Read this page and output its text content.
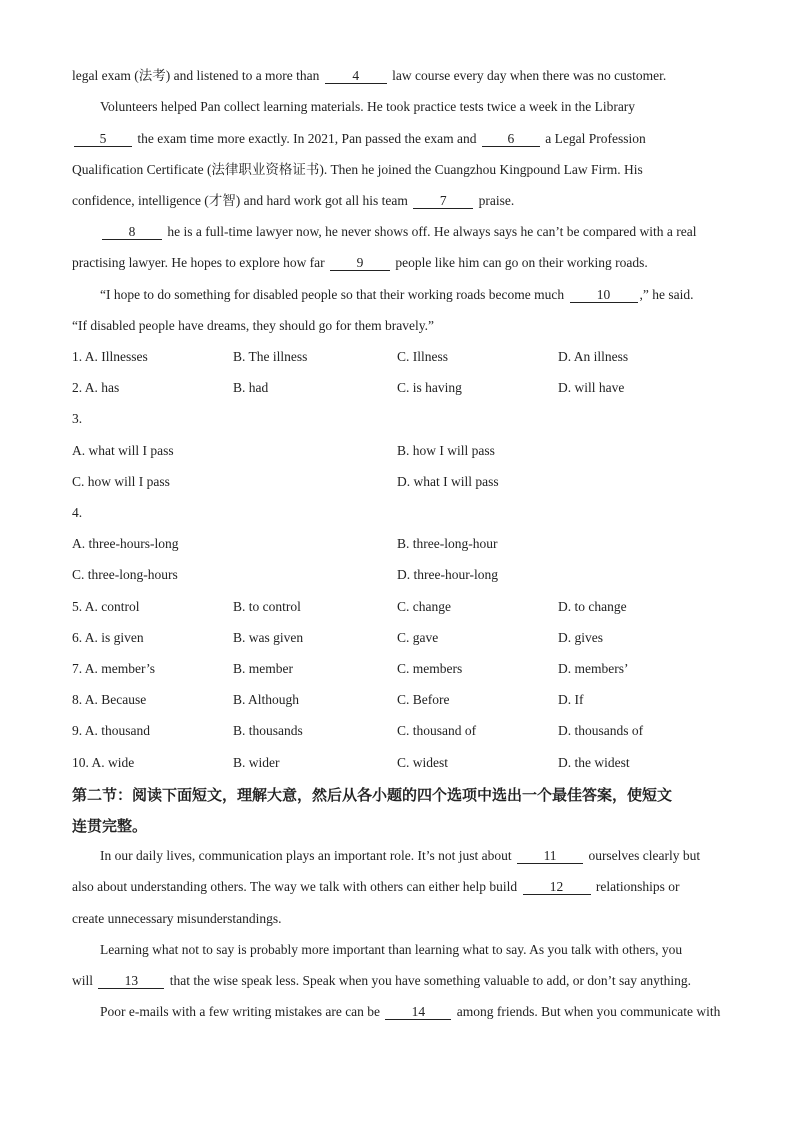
legal exam (法考) and listened to a more than 4 law course every day when there was no customer.
Volunteers helped Pan collect learning materials. He took practice tests twice a week in the Library
5 the exam time more exactly. In 2021, Pan passed the exam and 6 a Legal Profession
Qualification Certificate (法律职业资格证书). Then he joined the Cuangzhou Kingpound Law Firm. His
confidence, intelligence (才智) and hard work got all his team 7 praise.
8 he is a full-time lawyer now, he never shows off. He always says he can’t be compared with a real
practising lawyer. He hopes to explore how far 9 people like him can go on their working roads.
“I hope to do something for disabled people so that their working roads become much 10 ,” he said.
“If disabled people have dreams, they should go for them bravely.”
1. A. Illnesses	B. The illness	C. Illness	D. An illness
2. A. has	B. had	C. is having	D. will have
3.
A. what will I pass	B. how I will pass
C. how will I pass	D. what I will pass
4.
A. three-hours-long	B. three-long-hour
C. three-long-hours	D. three-hour-long
5. A. control	B. to control	C. change	D. to change
6. A. is given	B. was given	C. gave	D. gives
7. A. member’s	B. member	C. members	D. members’
8. A. Because	B. Although	C. Before	D. If
9. A. thousand	B. thousands	C. thousand of	D. thousands of
10. A. wide	B. wider	C. widest	D. the widest
第二节：阅读下面短文，理解大意，然后从各小题的四个选项中选出一个最佳答案，使短文
连贯完整。
In our daily lives, communication plays an important role. It’s not just about 11 ourselves clearly but
also about understanding others. The way we talk with others can either help build 12 relationships or
create unnecessary misunderstandings.
Learning what not to say is probably more important than learning what to say. As you talk with others, you
will 13 that the wise speak less. Speak when you have something valuable to add, or don’t say anything.
Poor e-mails with a few writing mistakes are can be 14 among friends. But when you communicate with
